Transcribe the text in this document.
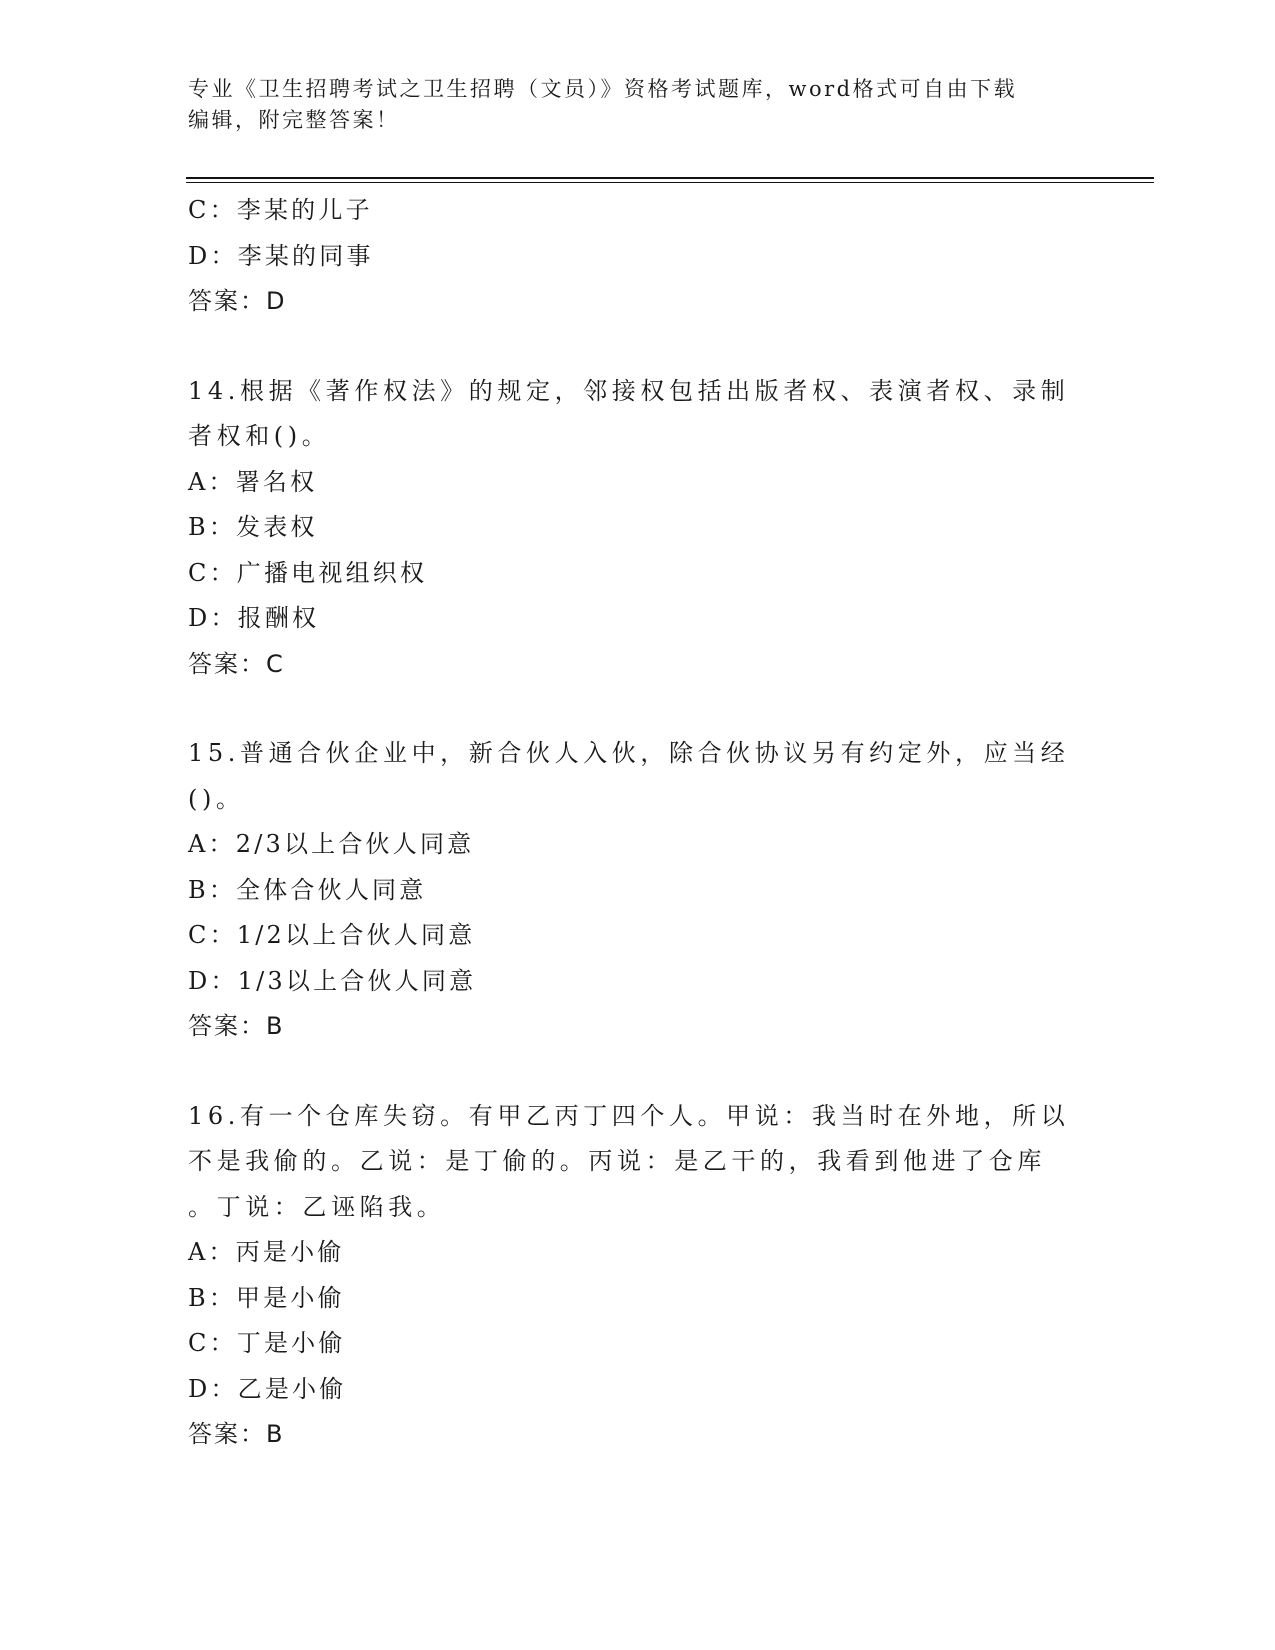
专业《卫生招聘考试之卫生招聘（文员）》资格考试题库，word格式可自由下载
编辑，附完整答案！
C：李某的儿子
D：李某的同事
答案：D
14.根据《著作权法》的规定，邻接权包括出版者权、表演者权、录制
者权和()。
A：署名权
B：发表权
C：广播电视组织权
D：报酬权
答案：C
15.普通合伙企业中，新合伙人入伙，除合伙协议另有约定外，应当经
()。
A：2/3以上合伙人同意
B：全体合伙人同意
C：1/2以上合伙人同意
D：1/3以上合伙人同意
答案：B
16.有一个仓库失窃。有甲乙丙丁四个人。甲说：我当时在外地，所以
不是我偷的。乙说：是丁偷的。丙说：是乙干的，我看到他进了仓库
。丁说：乙诬陷我。
A：丙是小偷
B：甲是小偷
C：丁是小偷
D：乙是小偷
答案：B
